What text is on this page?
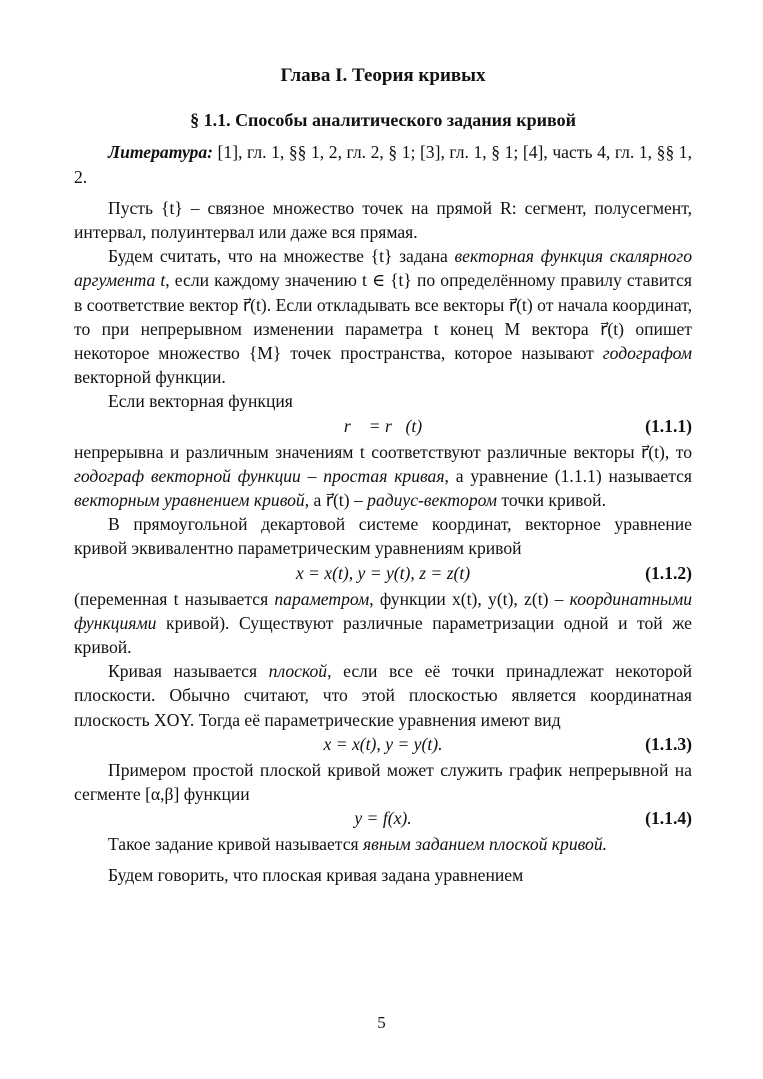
Глава I. Теория кривых
§ 1.1. Способы аналитического задания кривой

Литература: [1], гл. 1, §§ 1, 2, гл. 2, § 1; [3], гл. 1, § 1; [4], часть 4, гл. 1, §§ 1, 2.

Пусть {t} – связное множество точек на прямой R: сегмент, полусегмент, интервал, полуинтервал или даже вся прямая.

Будем считать, что на множестве {t} задана векторная функция скалярного аргумента t, если каждому значению t ∈ {t} по определённому правилу ставится в соответствие вектор r⃗(t). Если откладывать все векторы r⃗(t) от начала координат, то при непрерывном изменении параметра t конец M вектора r⃗(t) опишет некоторое множество {M} точек пространства, которое называют годографом векторной функции.

Если векторная функция

r⃗ = r⃗(t)	(1.1.1)

непрерывна и различным значениям t соответствуют различные векторы r⃗(t), то годограф векторной функции – простая кривая, а уравнение (1.1.1) называется векторным уравнением кривой, а r⃗(t) – радиус-вектором точки кривой.

В прямоугольной декартовой системе координат, векторное уравнение кривой эквивалентно параметрическим уравнениям кривой

x = x(t), y = y(t), z = z(t)	(1.1.2)

(переменная t называется параметром, функции x(t), y(t), z(t) – координатными функциями кривой). Существуют различные параметризации одной и той же кривой.

Кривая называется плоской, если все её точки принадлежат некоторой плоскости. Обычно считают, что этой плоскостью является координатная плоскость XOY. Тогда её параметрические уравнения имеют вид

x = x(t), y = y(t).	(1.1.3)

Примером простой плоской кривой может служить график непрерывной на сегменте [α,β] функции

y = f(x).	(1.1.4)

Такое задание кривой называется явным заданием плоской кривой.

Будем говорить, что плоская кривая задана уравнением

5
